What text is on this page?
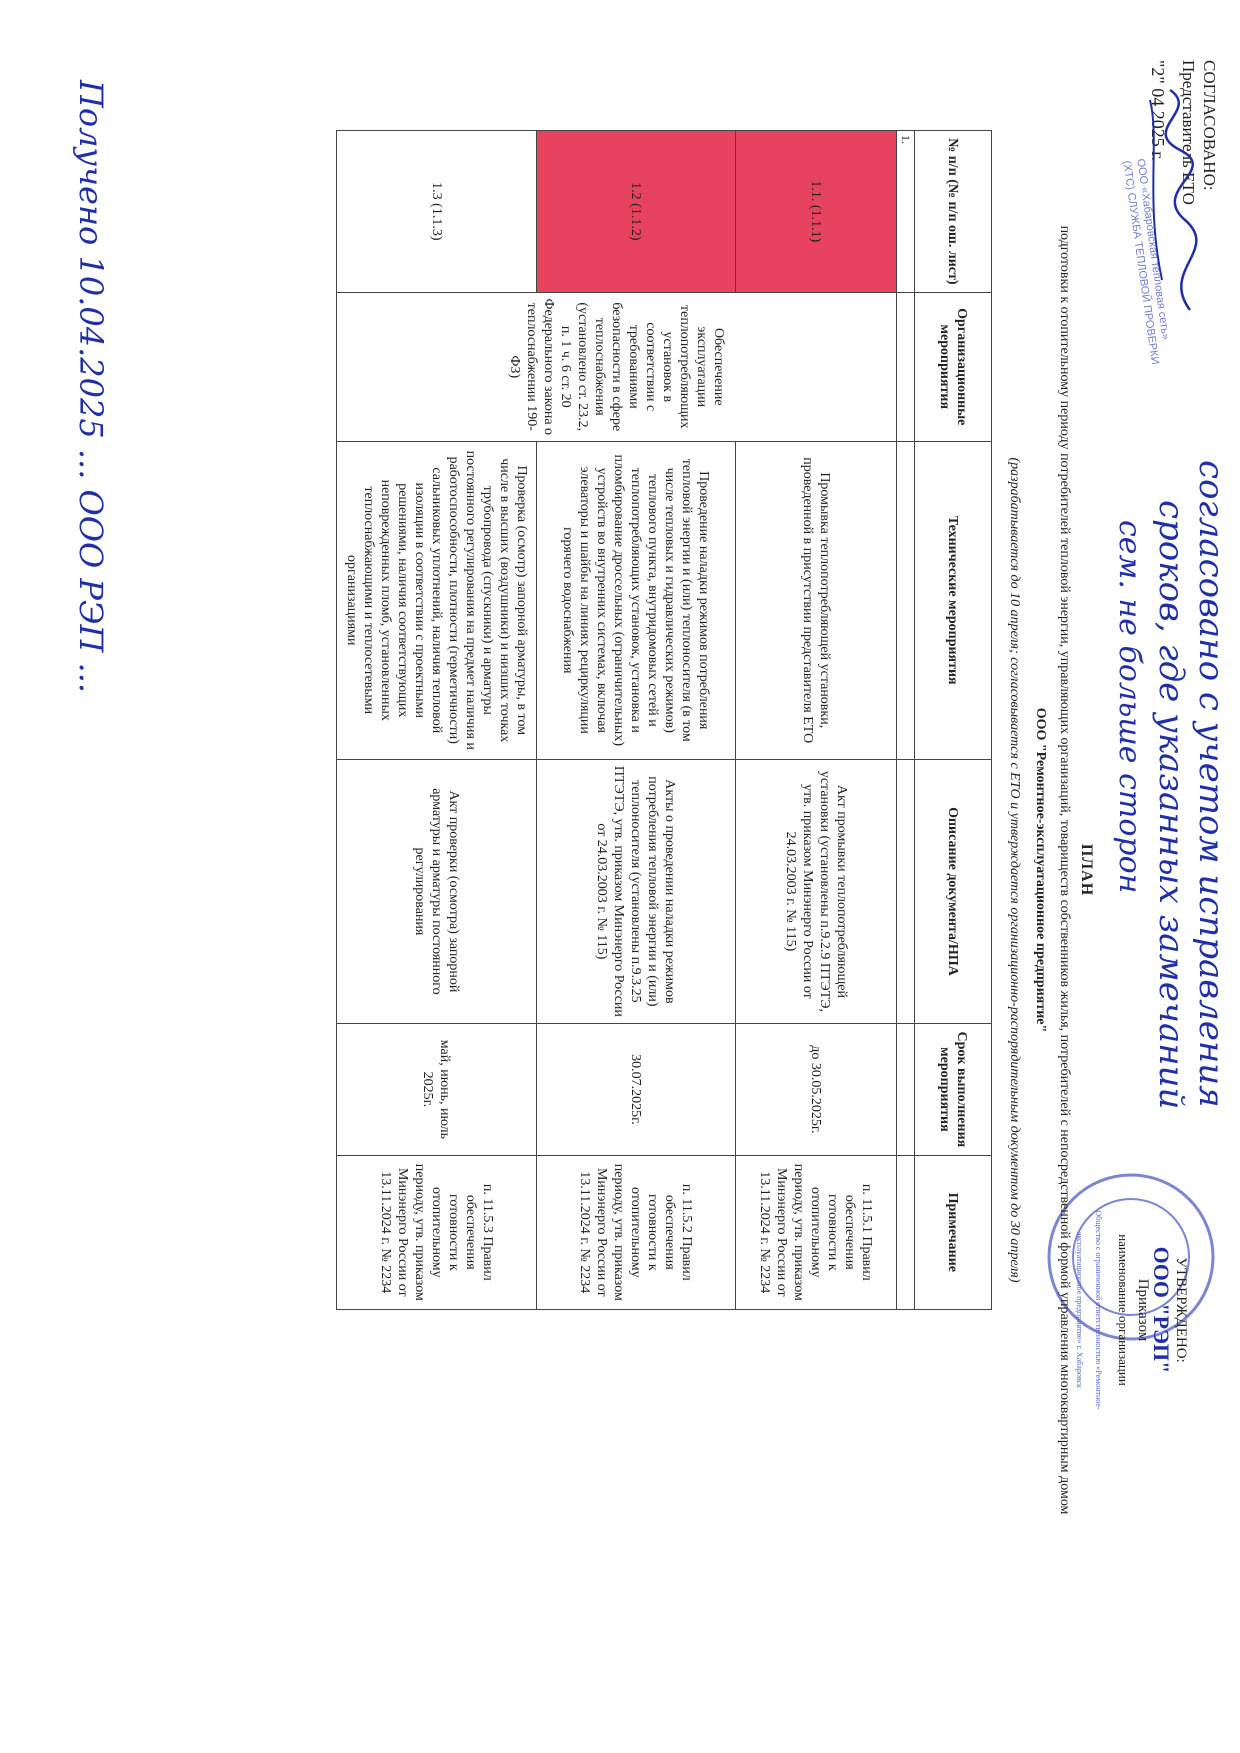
СОГЛАСОВАНО:
Представитель ЕТО
"2" 04 2025 г.
ООО «Хабаровская тепловая сеть» (ХТС) СЛУЖБА ТЕПЛОВОЙ ПРОВЕРКИ
согласовано с учетом исправления
сроков, где указанных замечаний
сем. не больше сторон
УТВЕРЖДЕНО:
ООО "РЭП"
Приказом
наименование организации
Общество с ограниченной ответственностью «Ремонтное-эксплуатационное предприятие» г. Хабаровск
ПЛАН
подготовки к отопительному периоду потребителей тепловой энергии, управляющих организаций, товариществ собственников жилья, потребителей с непосредственной формой управления многоквартирным домом
ООО "Ремонтное-эксплуатационное предприятие"
(разрабатывается до 10 апреля; согласовывается с ЕТО и утверждается организационно-распорядительным документом до 30 апреля)
№ п/п (№ п/п ош. лист)	Организационные мероприятия	Технические мероприятия	Описание документа/НПА	Срок выполнения мероприятия	Примечание
1.					
1.1. (1.1.1)	Обеспечение эксплуатации теплопотребляющих установок в соответствии с требованиями безопасности в сфере теплоснабжения (установлено ст. 23.2, п. 1 ч. 6 ст. 20 Федерального закона о теплоснабжении 190-ФЗ)	Промывка теплопотребляющей установки, проведенной в присутствии представителя ЕТО	Акт промывки теплопотребляющей установки (установлены п.9.2.9 ПТЭТЭ, утв. приказом Минэнерго России от 24.03.2003 г. № 115)	до 30.05.2025г.	п. 11.5.1 Правил обеспечения готовности к отопительному периоду, утв. приказом Минэнерго России от 13.11.2024 г. № 2234
1.2 (1.1.2)		Проведение наладки режимов потребления тепловой энергии и (или) теплоносителя (в том числе тепловых и гидравлических режимов) теплового пункта, внутридомовых сетей и теплопотребляющих установок, установка и пломбирование дроссельных (ограничительных) устройств во внутренних системах, включая элеваторы и шайбы на линиях рециркуляции горячего водоснабжения	Акты о проведении наладки режимов потребления тепловой энергии и (или) теплоносителя (установлены п.9.3.25 ПТЭТЭ, утв. приказом Минэнерго России от 24.03.2003 г. № 115)	30.07.2025г.	п. 11.5.2 Правил обеспечения готовности к отопительному периоду, утв. приказом Минэнерго России от 13.11.2024 г. № 2234
1.3 (1.1.3)		Проверка (осмотр) запорной арматуры, в том числе в высших (воздушники) и низших точках трубопровода (спускники) и арматуры постоянного регулирования на предмет наличия и работоспособности, плотности (герметичности) сальниковых уплотнений, наличия тепловой изоляции в соответствии с проектными решениями, наличия соответствующих неповрежденных пломб, установленных теплоснабжающими и теплосетевыми организациями	Акт проверки (осмотра) запорной арматуры и арматуры постоянного регулирования	май, июнь, июль 2025г.	п. 11.5.3 Правил обеспечения готовности к отопительному периоду, утв. приказом Минэнерго России от 13.11.2024 г. № 2234
Получено 10.04.2025 ... ООО РЭП ...
